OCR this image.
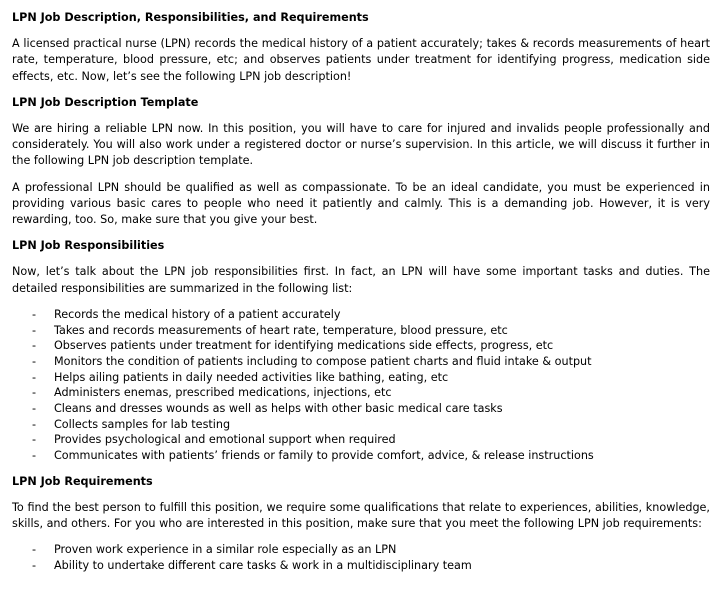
LPN Job Description, Responsibilities, and Requirements
A licensed practical nurse (LPN) records the medical history of a patient accurately; takes & records measurements of heart rate, temperature, blood pressure, etc; and observes patients under treatment for identifying progress, medication side effects, etc. Now, let’s see the following LPN job description!
LPN Job Description Template
We are hiring a reliable LPN now. In this position, you will have to care for injured and invalids people professionally and considerately. You will also work under a registered doctor or nurse’s supervision. In this article, we will discuss it further in the following LPN job description template.
A professional LPN should be qualified as well as compassionate. To be an ideal candidate, you must be experienced in providing various basic cares to people who need it patiently and calmly. This is a demanding job. However, it is very rewarding, too. So, make sure that you give your best.
LPN Job Responsibilities
Now, let’s talk about the LPN job responsibilities first. In fact, an LPN will have some important tasks and duties. The detailed responsibilities are summarized in the following list:
- Records the medical history of a patient accurately
- Takes and records measurements of heart rate, temperature, blood pressure, etc
- Observes patients under treatment for identifying medications side effects, progress, etc
- Monitors the condition of patients including to compose patient charts and fluid intake & output
- Helps ailing patients in daily needed activities like bathing, eating, etc
- Administers enemas, prescribed medications, injections, etc
- Cleans and dresses wounds as well as helps with other basic medical care tasks
- Collects samples for lab testing
- Provides psychological and emotional support when required
- Communicates with patients’ friends or family to provide comfort, advice, & release instructions
LPN Job Requirements
To find the best person to fulfill this position, we require some qualifications that relate to experiences, abilities, knowledge, skills, and others. For you who are interested in this position, make sure that you meet the following LPN job requirements:
- Proven work experience in a similar role especially as an LPN
- Ability to undertake different care tasks & work in a multidisciplinary team
